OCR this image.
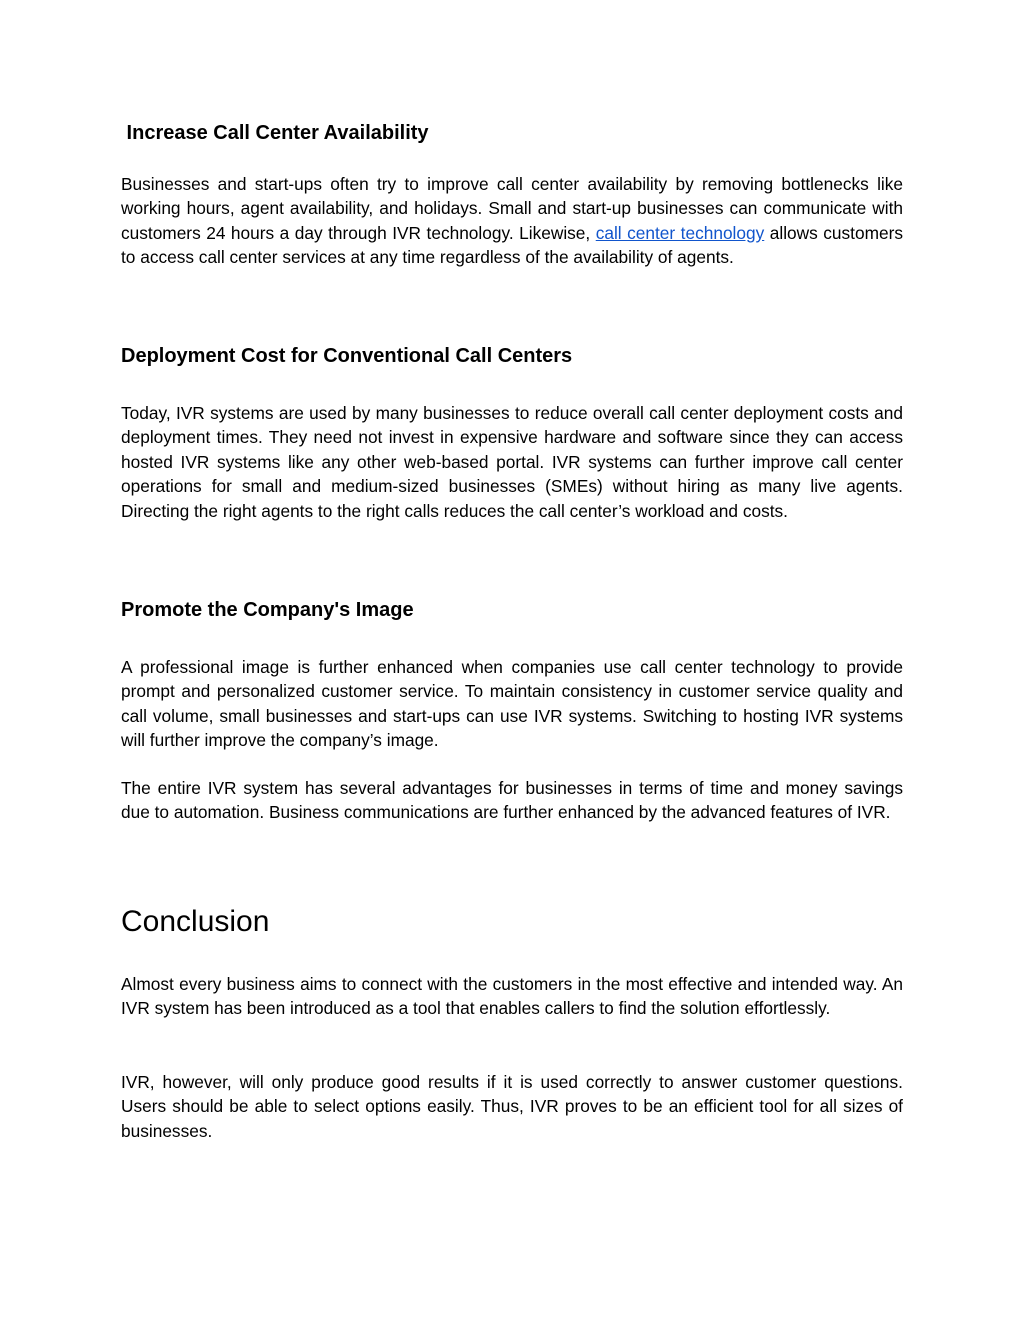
Increase Call Center Availability

Businesses and start-ups often try to improve call center availability by removing bottlenecks like working hours, agent availability, and holidays. Small and start-up businesses can communicate with customers 24 hours a day through IVR technology. Likewise, call center technology allows customers to access call center services at any time regardless of the availability of agents.

Deployment Cost for Conventional Call Centers

Today, IVR systems are used by many businesses to reduce overall call center deployment costs and deployment times. They need not invest in expensive hardware and software since they can access hosted IVR systems like any other web-based portal. IVR systems can further improve call center operations for small and medium-sized businesses (SMEs) without hiring as many live agents. Directing the right agents to the right calls reduces the call center’s workload and costs.

Promote the Company's Image

A professional image is further enhanced when companies use call center technology to provide prompt and personalized customer service. To maintain consistency in customer service quality and call volume, small businesses and start-ups can use IVR systems. Switching to hosting IVR systems will further improve the company’s image.

The entire IVR system has several advantages for businesses in terms of time and money savings due to automation. Business communications are further enhanced by the advanced features of IVR.

Conclusion

Almost every business aims to connect with the customers in the most effective and intended way. An IVR system has been introduced as a tool that enables callers to find the solution effortlessly.

IVR, however, will only produce good results if it is used correctly to answer customer questions. Users should be able to select options easily. Thus, IVR proves to be an efficient tool for all sizes of businesses.
